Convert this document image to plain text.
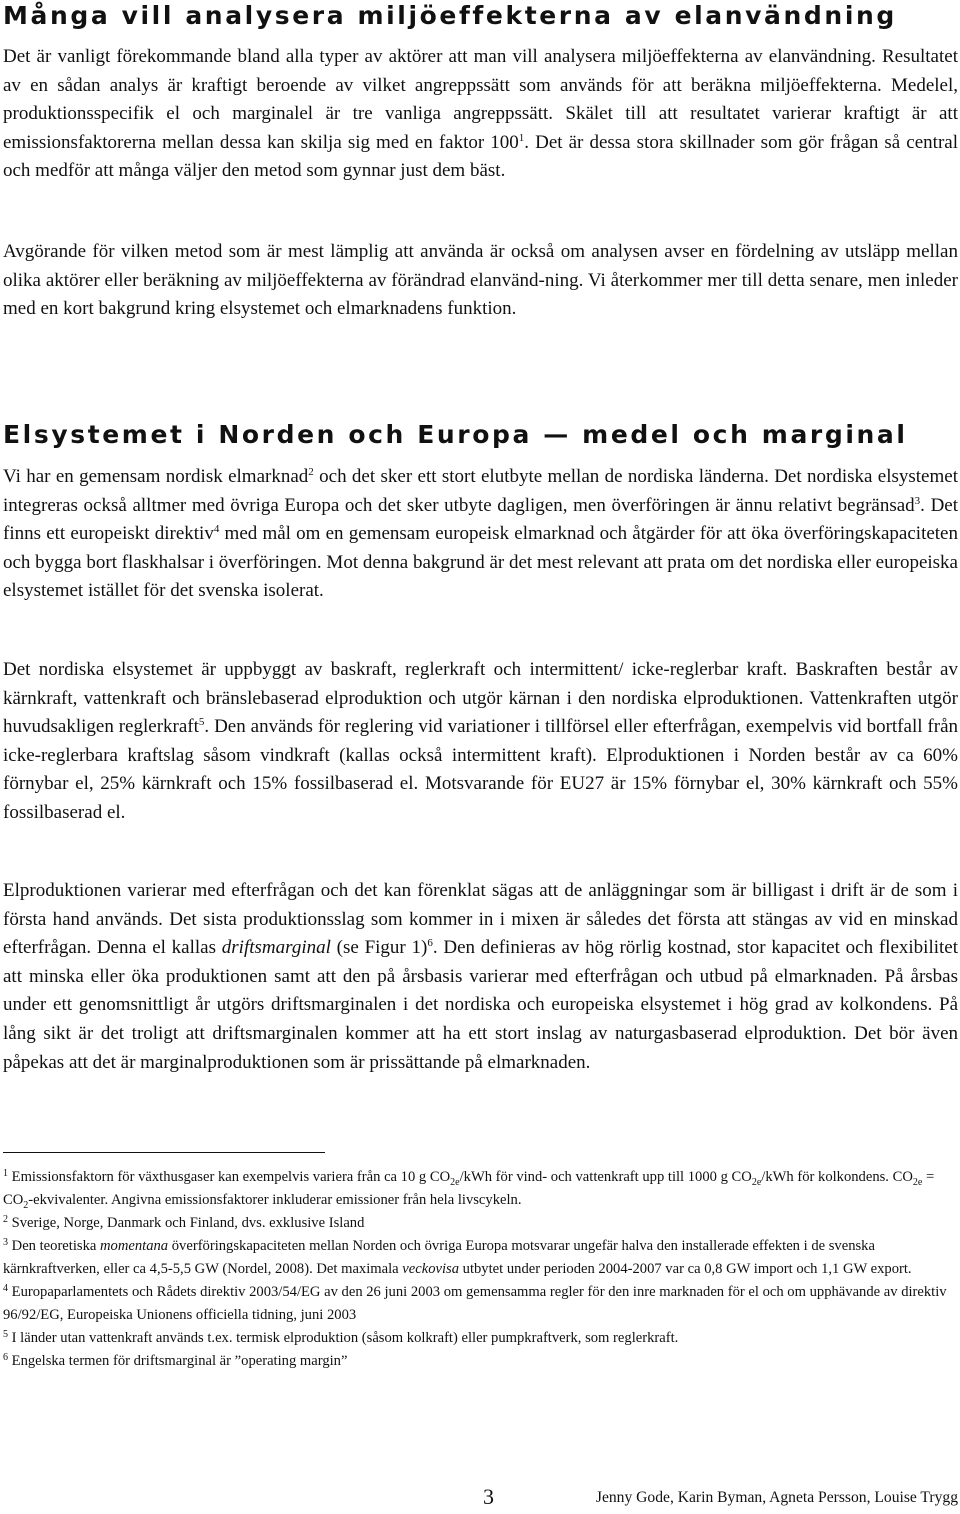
Många vill analysera miljöeffekterna av elanvändning

Det är vanligt förekommande bland alla typer av aktörer att man vill analysera miljöeffekterna av elanvändning. Resultatet av en sådan analys är kraftigt beroende av vilket angreppssätt som används för att beräkna miljöeffekterna. Medelel, produktionsspecifik el och marginalel är tre vanliga angreppssätt. Skälet till att resultatet varierar kraftigt är att emissionsfaktorerna mellan dessa kan skilja sig med en faktor 100$^1$. Det är dessa stora skillnader som gör frågan så central och medför att många väljer den metod som gynnar just dem bäst.

Avgörande för vilken metod som är mest lämplig att använda är också om analysen avser en fördelning av utsläpp mellan olika aktörer eller beräkning av miljöeffekterna av förändrad elanvänd-ning. Vi återkommer mer till detta senare, men inleder med en kort bakgrund kring elsystemet och elmarknadens funktion.

Elsystemet i Norden och Europa — medel och marginal

Vi har en gemensam nordisk elmarknad$^2$ och det sker ett stort elutbyte mellan de nordiska länderna. Det nordiska elsystemet integreras också alltmer med övriga Europa och det sker utbyte dagligen, men överföringen är ännu relativt begränsad$^3$. Det finns ett europeiskt direktiv$^4$ med mål om en gemensam europeisk elmarknad och åtgärder för att öka överföringskapaciteten och bygga bort flaskhalsar i överföringen. Mot denna bakgrund är det mest relevant att prata om det nordiska eller europeiska elsystemet istället för det svenska isolerat.

Det nordiska elsystemet är uppbyggt av baskraft, reglerkraft och intermittent/ icke-reglerbar kraft. Baskraften består av kärnkraft, vattenkraft och bränslebaserad elproduktion och utgör kärnan i den nordiska elproduktionen. Vattenkraften utgör huvudsakligen reglerkraft$^5$. Den används för reglering vid variationer i tillförsel eller efterfrågan, exempelvis vid bortfall från icke-reglerbara kraftslag såsom vindkraft (kallas också intermittent kraft). Elproduktionen i Norden består av ca 60% förnybar el, 25% kärnkraft och 15% fossilbaserad el. Motsvarande för EU27 är 15% förnybar el, 30% kärnkraft och 55% fossilbaserad el.

Elproduktionen varierar med efterfrågan och det kan förenklat sägas att de anläggningar som är billigast i drift är de som i första hand används. Det sista produktionsslag som kommer in i mixen är således det första att stängas av vid en minskad efterfrågan. Denna el kallas driftsmarginal (se Figur 1)$^6$. Den definieras av hög rörlig kostnad, stor kapacitet och flexibilitet att minska eller öka produktionen samt att den på årsbasis varierar med efterfrågan och utbud på elmarknaden. På årsbas under ett genomsnittligt år utgörs driftsmarginalen i det nordiska och europeiska elsystemet i hög grad av kolkondens. På lång sikt är det troligt att driftsmarginalen kommer att ha ett stort inslag av naturgasbaserad elproduktion. Det bör även påpekas att det är marginalproduktionen som är prissättande på elmarknaden.

$^1$ Emissionsfaktorn för växthusgaser kan exempelvis variera från ca 10 g $CO_{2e}$/kWh för vind- och vattenkraft upp till 1000 g $CO_{2e}$/kWh för kolkondens. $CO_{2e}$ = $CO_2$-ekvivalenter. Angivna emissionsfaktorer inkluderar emissioner från hela livscykeln.

$^2$ Sverige, Norge, Danmark och Finland, dvs. exklusive Island

$^3$ Den teoretiska momentana överföringskapaciteten mellan Norden och övriga Europa motsvarar ungefär halva den installerade effekten i de svenska kärnkraftverken, eller ca 4,5-5,5 GW (Nordel, 2008). Det maximala veckovisa utbytet under perioden 2004-2007 var ca 0,8 GW import och 1,1 GW export.

$^4$ Europaparlamentets och Rådets direktiv 2003/54/EG av den 26 juni 2003 om gemensamma regler för den inre marknaden för el och om upphävande av direktiv 96/92/EG, Europeiska Unionens officiella tidning, juni 2003

$^5$ I länder utan vattenkraft används t.ex. termisk elproduktion (såsom kolkraft) eller pumpkraftverk, som reglerkraft.

$^6$ Engelska termen för driftsmarginal är ”operating margin”

3	Jenny Gode, Karin Byman, Agneta Persson, Louise Trygg
